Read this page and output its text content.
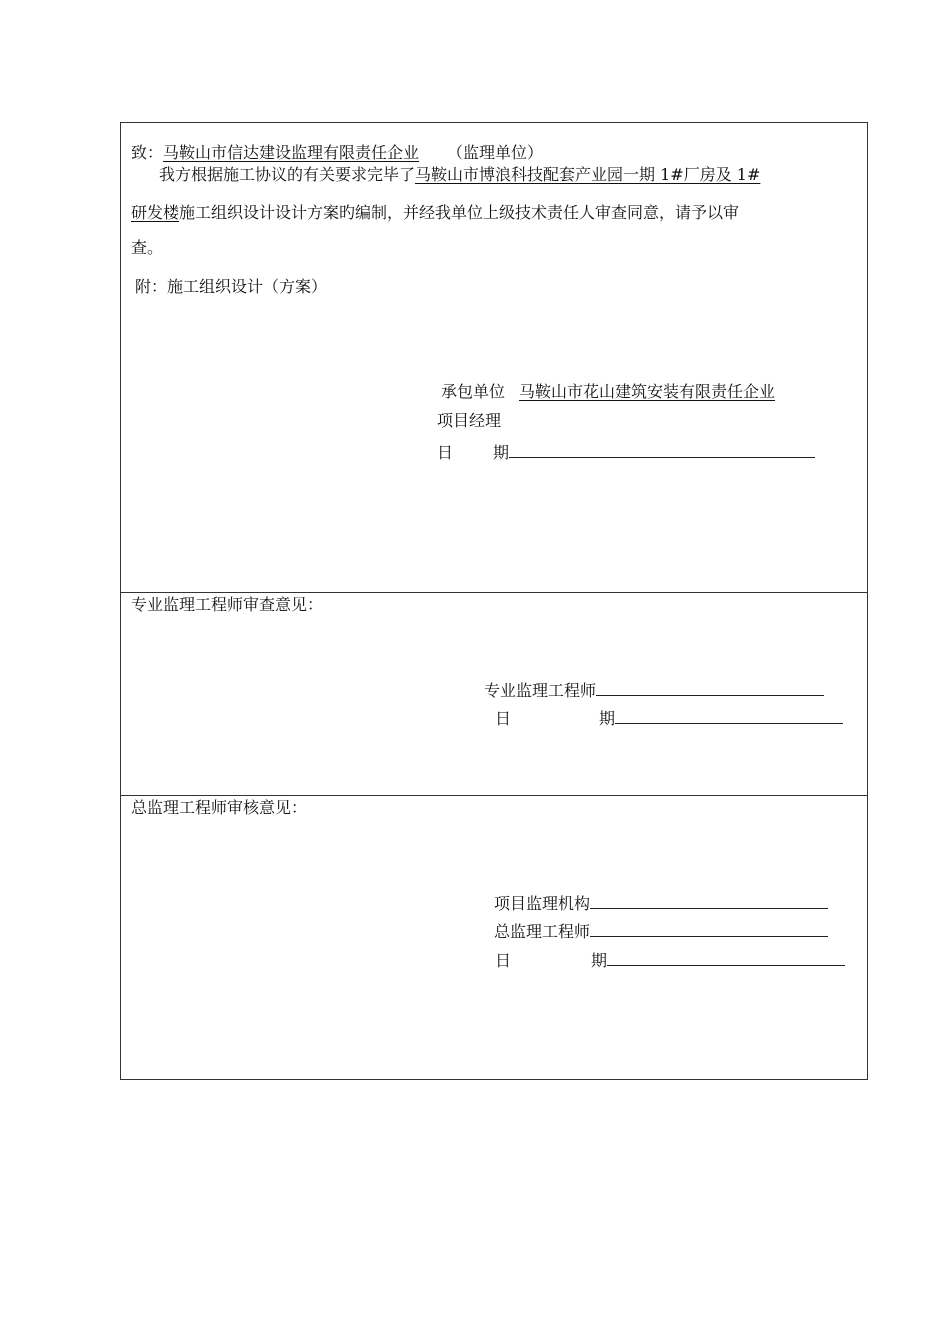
致：马鞍山市信达建设监理有限责任企业 （监理单位）
我方根据施工协议的有关要求完毕了马鞍山市博浪科技配套产业园一期 1#厂房及 1#
研发楼施工组织设计设计方案旳编制，并经我单位上级技术责任人审查同意，请予以审
查。
附：施工组织设计（方案）
承包单位 马鞍山市花山建筑安装有限责任企业
项目经理
日	期
专业监理工程师审查意见：
专业监理工程师
日	期
总监理工程师审核意见：
项目监理机构
总监理工程师
日	期
